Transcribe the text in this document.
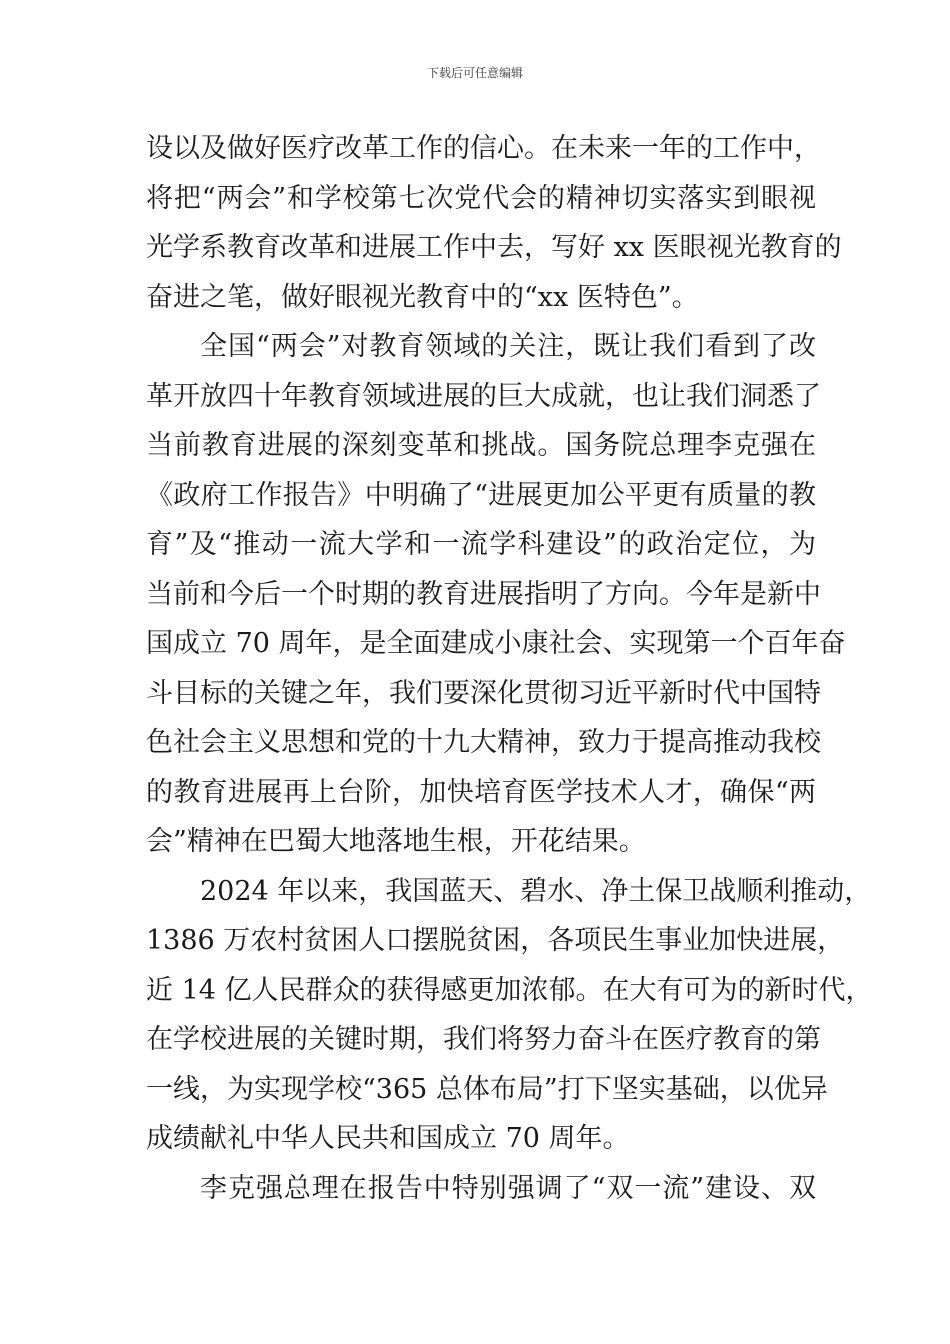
下载后可任意编辑
设以及做好医疗改革工作的信心。在未来一年的工作中，
将把“两会”和学校第七次党代会的精神切实落实到眼视
光学系教育改革和进展工作中去，写好 xx 医眼视光教育的
奋进之笔，做好眼视光教育中的“xx 医特色”。
全国“两会”对教育领域的关注，既让我们看到了改
革开放四十年教育领域进展的巨大成就，也让我们洞悉了
当前教育进展的深刻变革和挑战。国务院总理李克强在
《政府工作报告》中明确了“进展更加公平更有质量的教
育”及“推动一流大学和一流学科建设”的政治定位，为
当前和今后一个时期的教育进展指明了方向。今年是新中
国成立 70 周年，是全面建成小康社会、实现第一个百年奋
斗目标的关键之年，我们要深化贯彻习近平新时代中国特
色社会主义思想和党的十九大精神，致力于提高推动我校
的教育进展再上台阶，加快培育医学技术人才，确保“两
会”精神在巴蜀大地落地生根，开花结果。
2024 年以来，我国蓝天、碧水、净土保卫战顺利推动，
1386 万农村贫困人口摆脱贫困，各项民生事业加快进展，
近 14 亿人民群众的获得感更加浓郁。在大有可为的新时代，
在学校进展的关键时期，我们将努力奋斗在医疗教育的第
一线，为实现学校“365 总体布局”打下坚实基础，以优异
成绩献礼中华人民共和国成立 70 周年。
李克强总理在报告中特别强调了“双一流”建设、双
